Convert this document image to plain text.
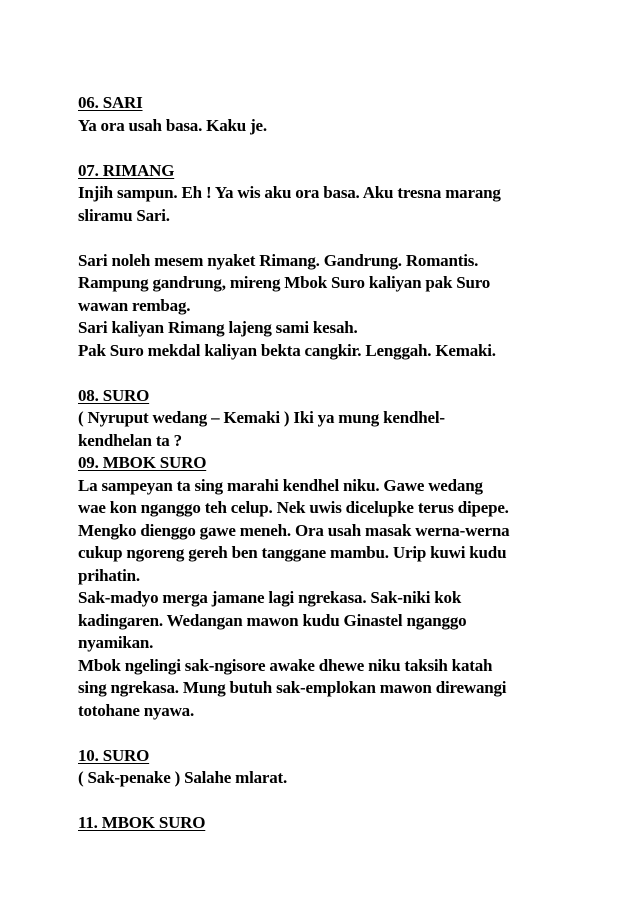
06. SARI
Ya ora usah basa. Kaku je.
07. RIMANG
Injih sampun. Eh ! Ya wis aku ora basa. Aku tresna marang
sliramu Sari.
Sari noleh mesem nyaket Rimang. Gandrung. Romantis.
Rampung gandrung, mireng Mbok Suro kaliyan pak Suro
wawan rembag.
Sari kaliyan Rimang lajeng sami kesah.
Pak Suro mekdal kaliyan bekta cangkir. Lenggah. Kemaki.
08. SURO
( Nyruput wedang – Kemaki ) Iki ya mung kendhel-
kendhelan ta ?
09. MBOK SURO
La sampeyan ta sing marahi kendhel niku. Gawe wedang
wae kon nganggo teh celup. Nek uwis dicelupke terus dipepe.
Mengko dienggo gawe meneh. Ora usah masak werna-werna
cukup ngoreng gereh ben tanggane mambu. Urip kuwi kudu
prihatin.
Sak-madyo merga jamane lagi ngrekasa. Sak-niki kok
kadingaren. Wedangan mawon kudu Ginastel nganggo
nyamikan.
Mbok ngelingi sak-ngisore awake dhewe niku taksih katah
sing ngrekasa. Mung butuh sak-emplokan mawon direwangi
totohane nyawa.
10. SURO
( Sak-penake ) Salahe mlarat.
11. MBOK SURO
